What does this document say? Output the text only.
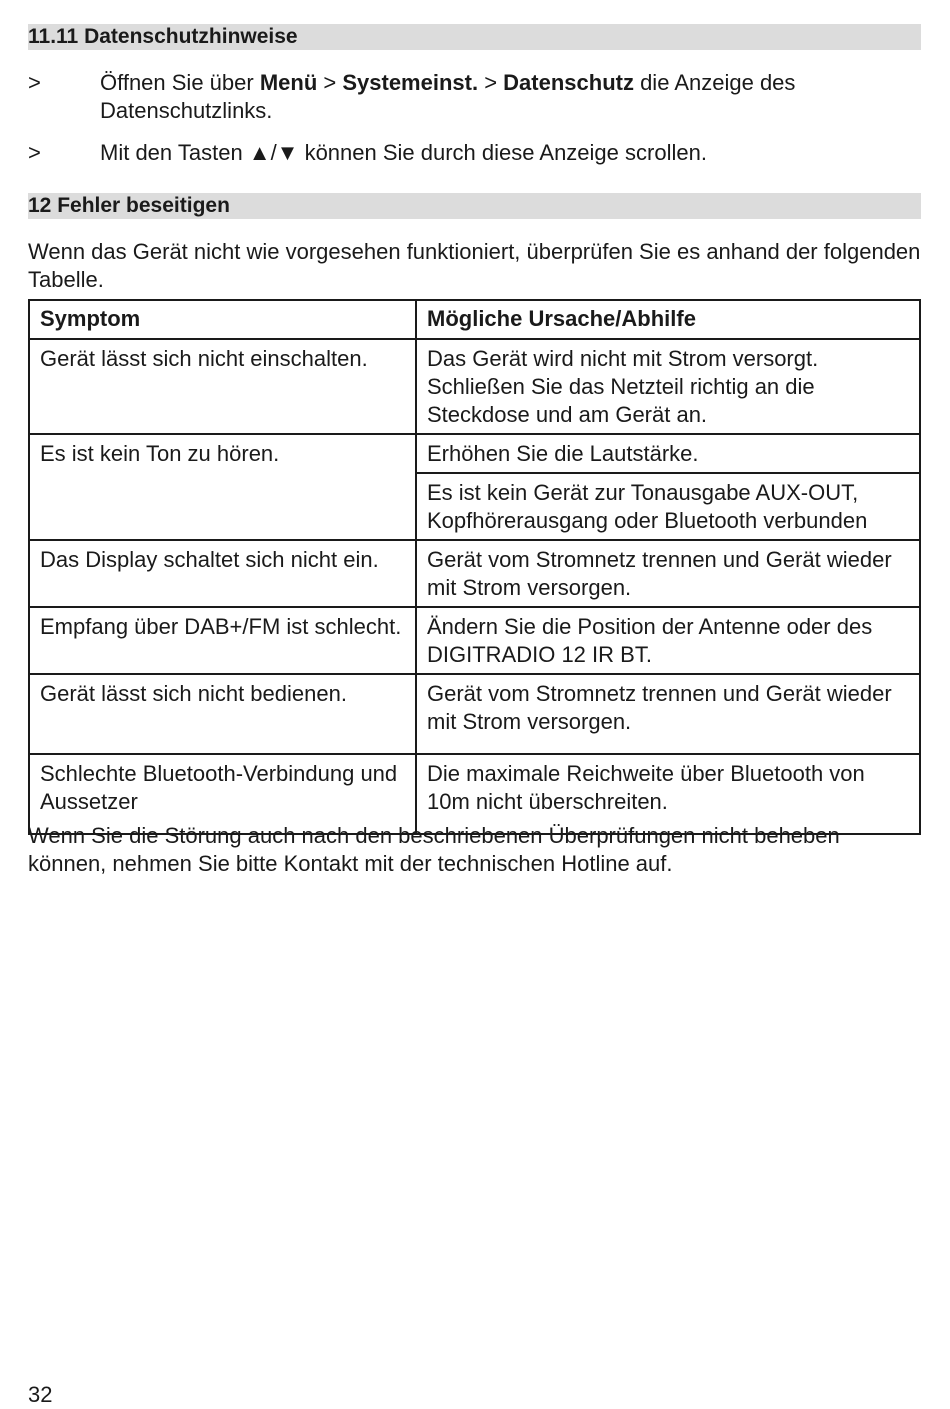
11.11 Datenschutzhinweise
>	Öffnen Sie über Menü > Systemeinst. > Datenschutz die Anzeige des Datenschutzlinks.
>	Mit den Tasten ▲/▼ können Sie durch diese Anzeige scrollen.
12 Fehler beseitigen
Wenn das Gerät nicht wie vorgesehen funktioniert, überprüfen Sie es anhand der folgenden Tabelle.
Symptom	Mögliche Ursache/Abhilfe
Gerät lässt sich nicht einschalten.	Das Gerät wird nicht mit Strom versorgt. Schließen Sie das Netzteil richtig an die Steckdose und am Gerät an.
Es ist kein Ton zu hören.	Erhöhen Sie die Lautstärke.
	Es ist kein Gerät zur Tonausgabe AUX-OUT, Kopfhörerausgang oder Bluetooth verbunden
Das Display schaltet sich nicht ein.	Gerät vom Stromnetz trennen und Gerät wieder mit Strom versorgen.
Empfang über DAB+/FM ist schlecht.	Ändern Sie die Position der Antenne oder des DIGITRADIO 12 IR BT.
Gerät lässt sich nicht bedienen.	Gerät vom Stromnetz trennen und Gerät wieder mit Strom versorgen.
Schlechte Bluetooth-Verbindung und Aussetzer	Die maximale Reichweite über Bluetooth von 10m nicht überschreiten.
Wenn Sie die Störung auch nach den beschriebenen Überprüfungen nicht beheben können, nehmen Sie bitte Kontakt mit der technischen Hotline auf.
32
